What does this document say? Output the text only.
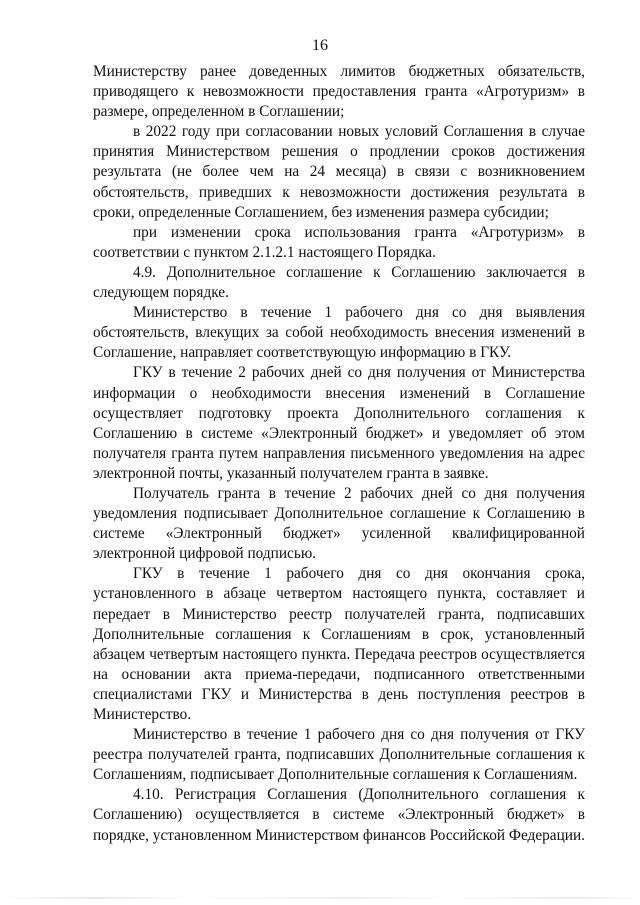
16

Министерству ранее доведенных лимитов бюджетных обязательств, приводящего к невозможности предоставления гранта «Агротуризм» в размере, определенном в Соглашении;

в 2022 году при согласовании новых условий Соглашения в случае принятия Министерством решения о продлении сроков достижения результата (не более чем на 24 месяца) в связи с возникновением обстоятельств, приведших к невозможности достижения результата в сроки, определенные Соглашением, без изменения размера субсидии;

при изменении срока использования гранта «Агротуризм» в соответствии с пунктом 2.1.2.1 настоящего Порядка.

4.9. Дополнительное соглашение к Соглашению заключается в следующем порядке.

Министерство в течение 1 рабочего дня со дня выявления обстоятельств, влекущих за собой необходимость внесения изменений в Соглашение, направляет соответствующую информацию в ГКУ.

ГКУ в течение 2 рабочих дней со дня получения от Министерства информации о необходимости внесения изменений в Соглашение осуществляет подготовку проекта Дополнительного соглашения к Соглашению в системе «Электронный бюджет» и уведомляет об этом получателя гранта путем направления письменного уведомления на адрес электронной почты, указанный получателем гранта в заявке.

Получатель гранта в течение 2 рабочих дней со дня получения уведомления подписывает Дополнительное соглашение к Соглашению в системе «Электронный бюджет» усиленной квалифицированной электронной цифровой подписью.

ГКУ в течение 1 рабочего дня со дня окончания срока, установленного в абзаце четвертом настоящего пункта, составляет и передает в Министерство реестр получателей гранта, подписавших Дополнительные соглашения к Соглашениям в срок, установленный абзацем четвертым настоящего пункта. Передача реестров осуществляется на основании акта приема-передачи, подписанного ответственными специалистами ГКУ и Министерства в день поступления реестров в Министерство.

Министерство в течение 1 рабочего дня со дня получения от ГКУ реестра получателей гранта, подписавших Дополнительные соглашения к Соглашениям, подписывает Дополнительные соглашения к Соглашениям.

4.10. Регистрация Соглашения (Дополнительного соглашения к Соглашению) осуществляется в системе «Электронный бюджет» в порядке, установленном Министерством финансов Российской Федерации.
